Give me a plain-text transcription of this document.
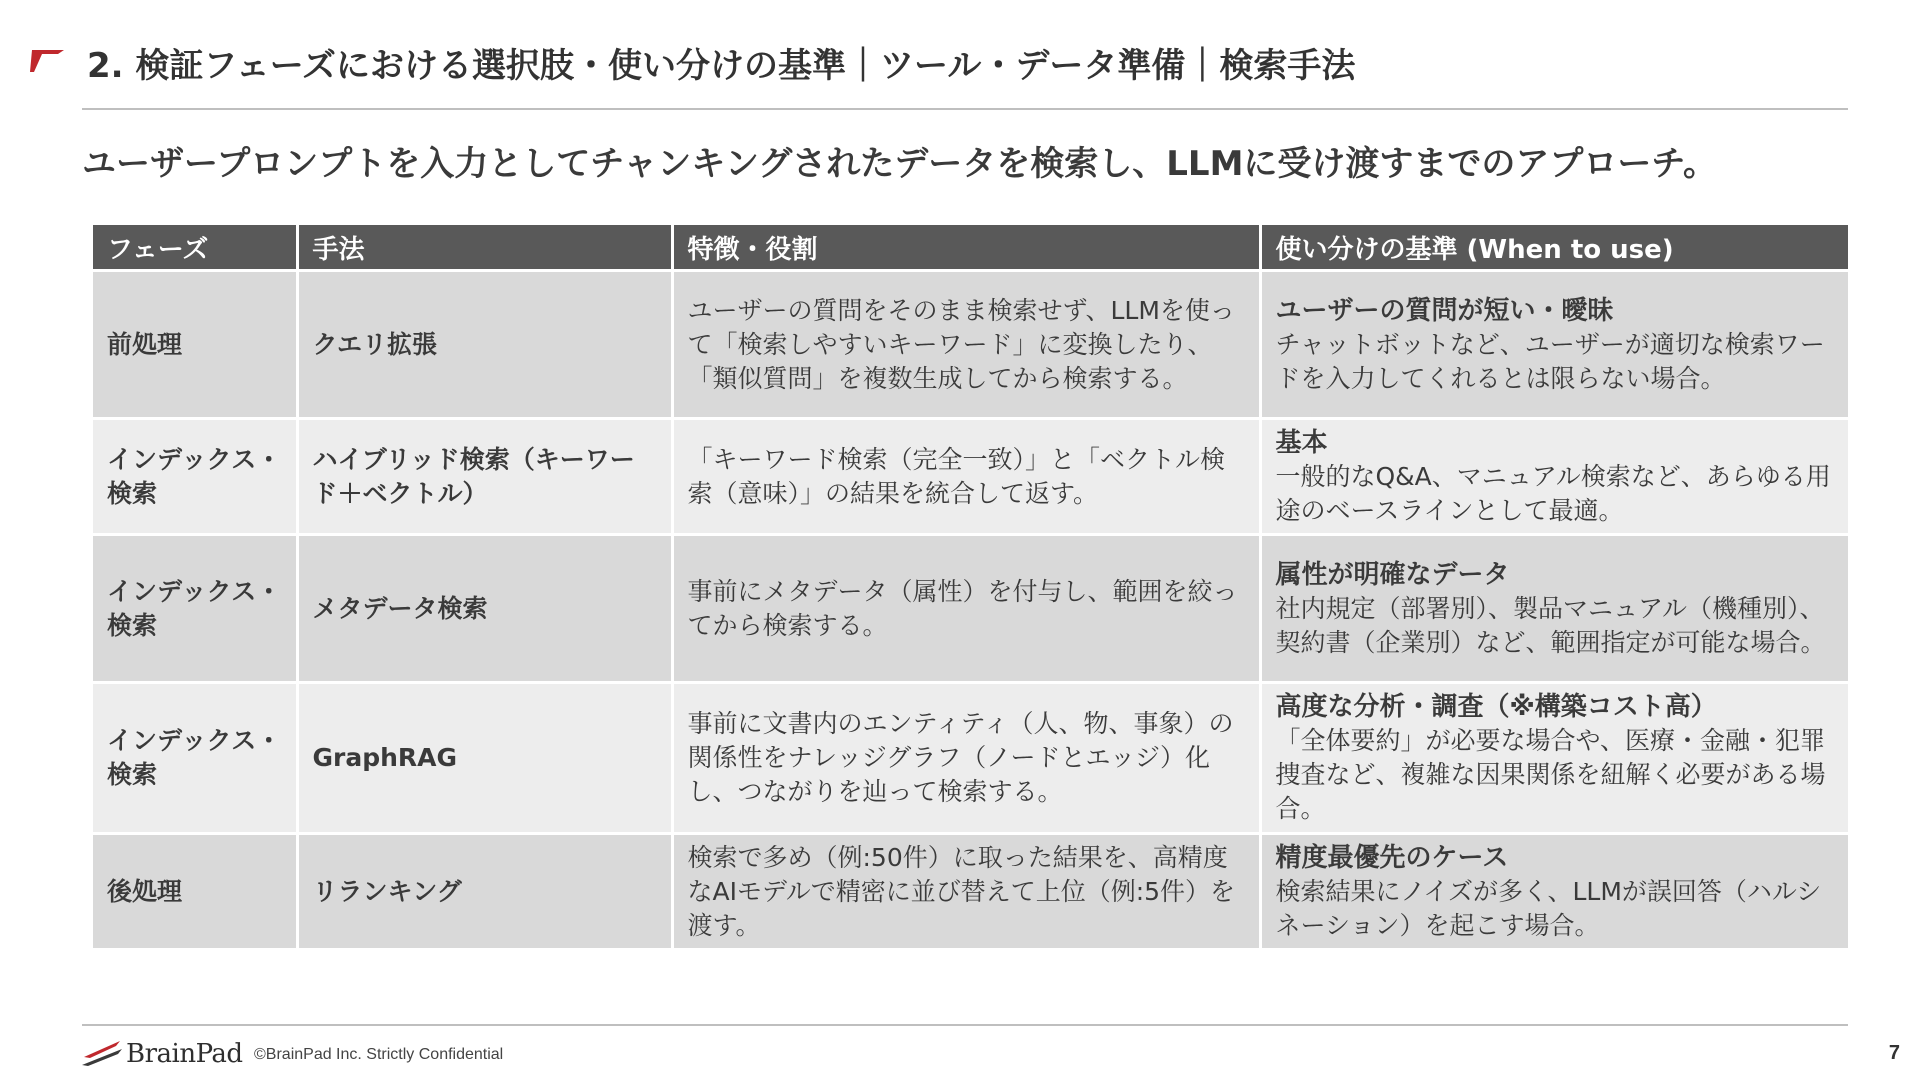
2. 検証フェーズにおける選択肢・使い分けの基準｜ツール・データ準備｜検索手法
ユーザープロンプトを入力としてチャンキングされたデータを検索し、LLMに受け渡すまでのアプローチ。
フェーズ	手法	特徴・役割	使い分けの基準 (When to use)
前処理	クエリ拡張	ユーザーの質問をそのまま検索せず、LLMを使って「検索しやすいキーワード」に変換したり、「類似質問」を複数生成してから検索する。	ユーザーの質問が短い・曖昧
チャットボットなど、ユーザーが適切な検索ワードを入力してくれるとは限らない場合。

インデックス・検索	ハイブリッド検索（キーワード＋ベクトル）	「キーワード検索（完全一致）」と「ベクトル検索（意味）」の結果を統合して返す。	基本
一般的なQ&A、マニュアル検索など、あらゆる用途のベースラインとして最適。

インデックス・検索	メタデータ検索	事前にメタデータ（属性）を付与し、範囲を絞ってから検索する。	属性が明確なデータ
社内規定（部署別）、製品マニュアル（機種別）、契約書（企業別）など、範囲指定が可能な場合。

インデックス・検索	GraphRAG	事前に文書内のエンティティ（人、物、事象）の関係性をナレッジグラフ（ノードとエッジ）化し、つながりを辿って検索する。	高度な分析・調査（※構築コスト高）
「全体要約」が必要な場合や、医療・金融・犯罪捜査など、複雑な因果関係を紐解く必要がある場合。

後処理	リランキング	検索で多め（例:50件）に取った結果を、高精度なAIモデルで精密に並び替えて上位（例:5件）を渡す。	精度最優先のケース
検索結果にノイズが多く、LLMが誤回答（ハルシネーション）を起こす場合。
BrainPad ©BrainPad Inc. Strictly Confidential	7
